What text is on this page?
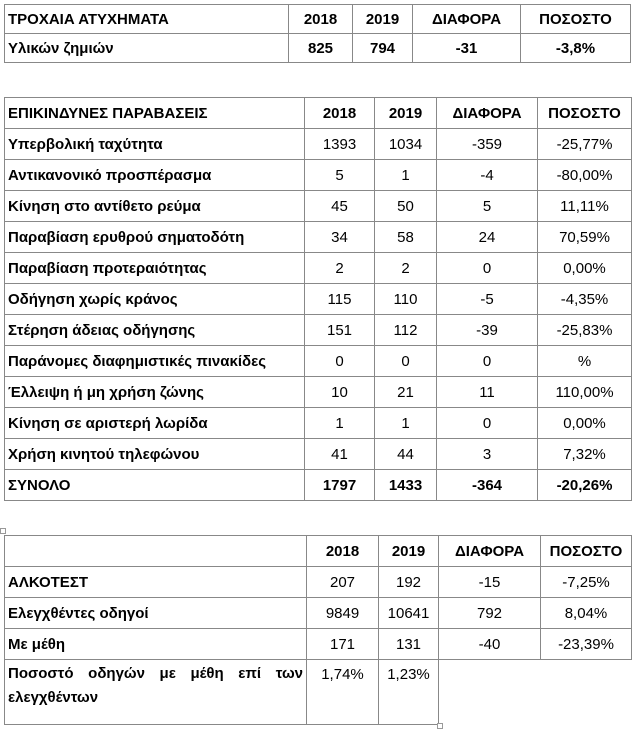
ΤΡΟΧΑΙΑ ΑΤΥΧΗΜΑΤΑ	2018	2019	ΔΙΑΦΟΡΑ	ΠΟΣΟΣΤΟ
Υλικών ζημιών	825	794	-31	-3,8%
ΕΠΙΚΙΝΔΥΝΕΣ ΠΑΡΑΒΑΣΕΙΣ	2018	2019	ΔΙΑΦΟΡΑ	ΠΟΣΟΣΤΟ
Υπερβολική ταχύτητα	1393	1034	-359	-25,77%
Αντικανονικό προσπέρασμα	5	1	-4	-80,00%
Κίνηση στο αντίθετο ρεύμα	45	50	5	11,11%
Παραβίαση ερυθρού σηματοδότη	34	58	24	70,59%
Παραβίαση προτεραιότητας	2	2	0	0,00%
Οδήγηση χωρίς κράνος	115	110	-5	-4,35%
Στέρηση άδειας οδήγησης	151	112	-39	-25,83%
Παράνομες διαφημιστικές πινακίδες	0	0	0	%
Έλλειψη ή μη χρήση ζώνης	10	21	11	110,00%
Κίνηση σε αριστερή λωρίδα	1	1	0	0,00%
Χρήση κινητού τηλεφώνου	41	44	3	7,32%
ΣΥΝΟΛΟ	1797	1433	-364	-20,26%
	2018	2019	ΔΙΑΦΟΡΑ	ΠΟΣΟΣΤΟ
ΑΛΚΟΤΕΣΤ	207	192	-15	-7,25%
Ελεγχθέντες οδηγοί	9849	10641	792	8,04%
Με μέθη	171	131	-40	-23,39%
Ποσοστό οδηγών με μέθη επί των ελεγχθέντων	1,74%	1,23%		
